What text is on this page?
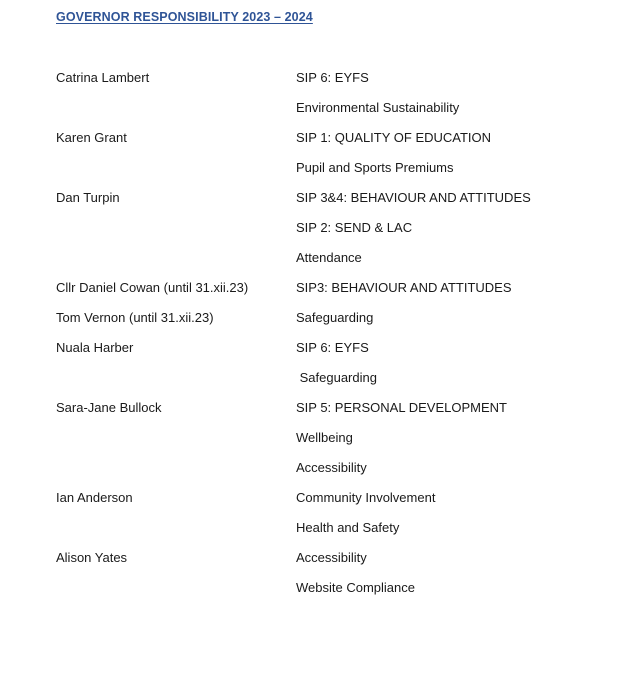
GOVERNOR RESPONSIBILITY 2023 – 2024
Catrina Lambert	SIP 6: EYFS
Environmental Sustainability
Karen Grant	SIP 1: QUALITY OF EDUCATION
Pupil and Sports Premiums
Dan Turpin	SIP 3&4: BEHAVIOUR AND ATTITUDES
SIP 2: SEND & LAC
Attendance
Cllr Daniel Cowan (until 31.xii.23)	SIP3: BEHAVIOUR AND ATTITUDES
Tom Vernon (until 31.xii.23)	Safeguarding
Nuala Harber	SIP 6: EYFS
Safeguarding
Sara-Jane Bullock	SIP 5: PERSONAL DEVELOPMENT
Wellbeing
Accessibility
Ian Anderson	Community Involvement
Health and Safety
Alison Yates	Accessibility
Website Compliance
